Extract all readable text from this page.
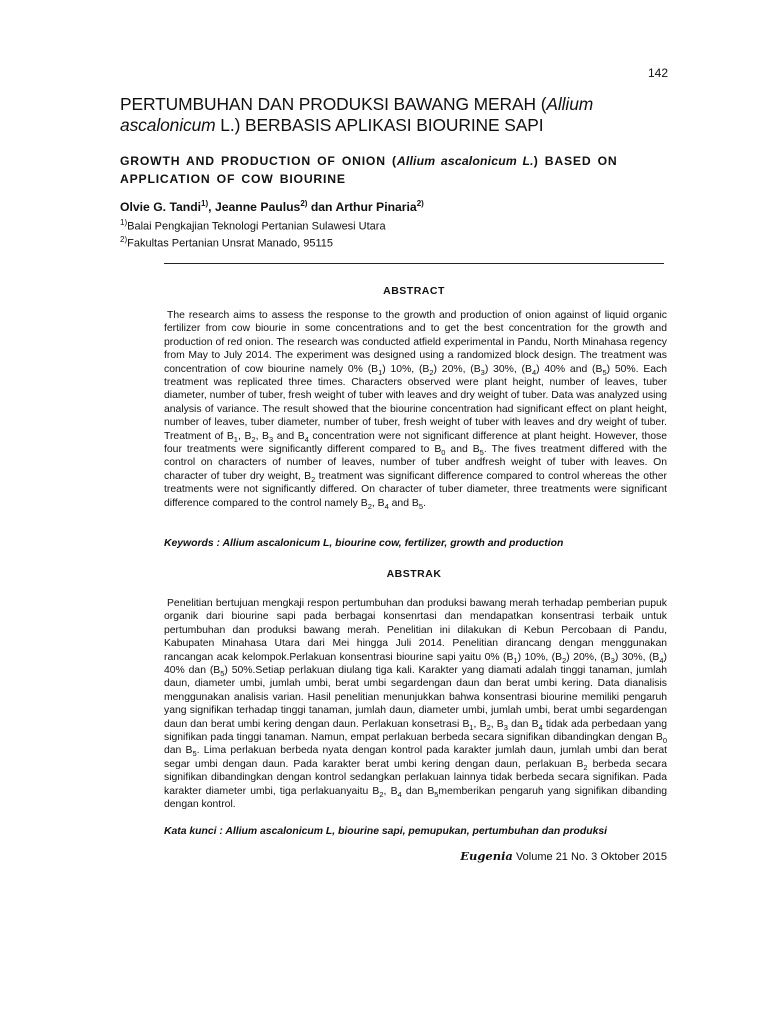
142
PERTUMBUHAN DAN PRODUKSI BAWANG MERAH (Allium ascalonicum L.) BERBASIS APLIKASI BIOURINE SAPI
GROWTH AND PRODUCTION OF ONION (Allium ascalonicum L.) BASED ON APPLICATION OF COW BIOURINE
Olvie G. Tandi$^{1)}$, Jeanne Paulus$^{2)}$ dan Arthur Pinaria$^{2)}$
$^{1)}$Balai Pengkajian Teknologi Pertanian Sulawesi Utara
$^{2)}$Fakultas Pertanian Unsrat Manado, 95115
ABSTRACT
The research aims to assess the response to the growth and production of onion against of liquid organic fertilizer from cow biourie in some concentrations and to get the best concentration for the growth and production of red onion. The research was conducted atfield experimental in Pandu, North Minahasa regency from May to July 2014. The experiment was designed using a randomized block design. The treatment was concentration of cow biourine namely 0% $(B_1)$ 10%, $(B_2)$ 20%, $(B_3)$ 30%, $(B_4)$ 40% and $(B_5)$ 50%. Each treatment was replicated three times. Characters observed were plant height, number of leaves, tuber diameter, number of tuber, fresh weight of tuber with leaves and dry weight of tuber. Data was analyzed using analysis of variance. The result showed that the biourine concentration had significant effect on plant height, number of leaves, tuber diameter, number of tuber, fresh weight of tuber with leaves and dry weight of tuber. Treatment of $B_1$, $B_2$, $B_3$ and $B_4$ concentration were not significant difference at plant height. However, those four treatments were significantly different compared to $B_0$ and $B_5$. The fives treatment differed with the control on characters of number of leaves, number of tuber andfresh weight of tuber with leaves. On character of tuber dry weight, $B_2$ treatment was significant difference compared to control whereas the other treatments were not significantly differed. On character of tuber diameter, three treatments were significant difference compared to the control namely $B_2$, $B_4$ and $B_5$.
Keywords : Allium ascalonicum L, biourine cow, fertilizer, growth and production
ABSTRAK
Penelitian bertujuan mengkaji respon pertumbuhan dan produksi bawang merah terhadap pemberian pupuk organik dari biourine sapi pada berbagai konsenrtasi dan mendapatkan konsentrasi terbaik untuk pertumbuhan dan produksi bawang merah. Penelitian ini dilakukan di Kebun Percobaan di Pandu, Kabupaten Minahasa Utara dari Mei hingga Juli 2014. Penelitian dirancang dengan menggunakan rancangan acak kelompok.Perlakuan konsentrasi biourine sapi yaitu 0% $(B_1)$ 10%, $(B_2)$ 20%, $(B_3)$ 30%, $(B_4)$ 40% dan $(B_5)$ 50%.Setiap perlakuan diulang tiga kali. Karakter yang diamati adalah tinggi tanaman, jumlah daun, diameter umbi, jumlah umbi, berat umbi segardengan daun dan berat umbi kering. Data dianalisis menggunakan analisis varian. Hasil penelitian menunjukkan bahwa konsentrasi biourine memiliki pengaruh yang signifikan terhadap tinggi tanaman, jumlah daun, diameter umbi, jumlah umbi, berat umbi segardengan daun dan berat umbi kering dengan daun. Perlakuan konsetrasi $B_1$, $B_2$, $B_3$ dan $B_4$ tidak ada perbedaan yang signifikan pada tinggi tanaman. Namun, empat perlakuan berbeda secara signifikan dibandingkan dengan $B_0$ dan $B_5$. Lima perlakuan berbeda nyata dengan kontrol pada karakter jumlah daun, jumlah umbi dan berat segar umbi dengan daun. Pada karakter berat umbi kering dengan daun, perlakuan $B_2$ berbeda secara signifikan dibandingkan dengan kontrol sedangkan perlakuan lainnya tidak berbeda secara signifikan. Pada karakter diameter umbi, tiga perlakuanyaitu $B_2$, $B_4$ dan $B_5memberikan$ pengaruh yang signifikan dibanding dengan kontrol.
Kata kunci : Allium ascalonicum L, biourine sapi, pemupukan, pertumbuhan dan produksi
Eugenia Volume 21 No. 3 Oktober 2015
